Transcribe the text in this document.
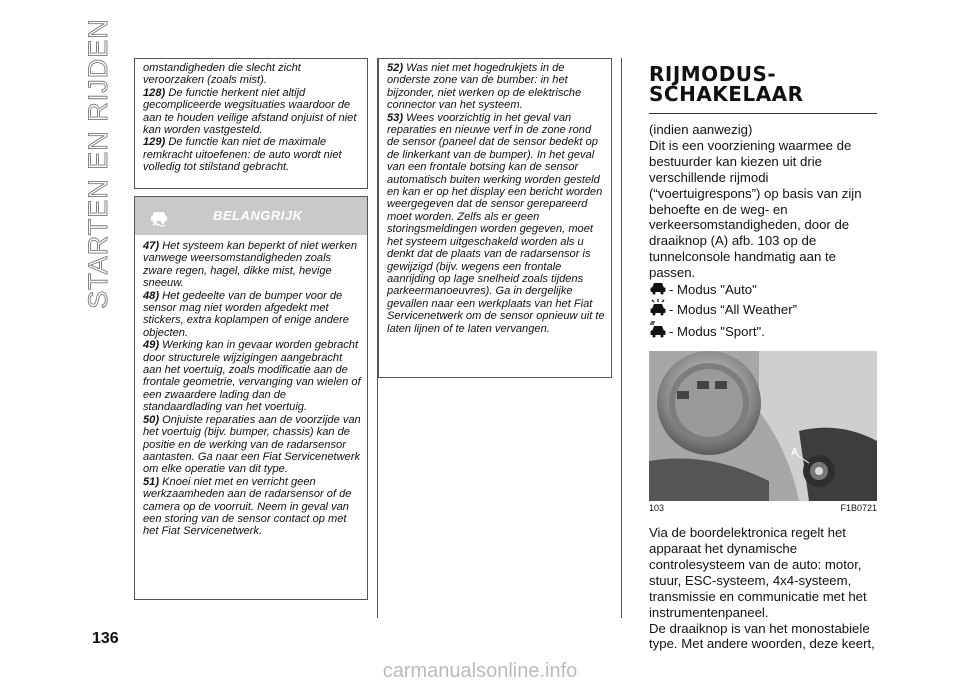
STARTEN EN RIJDEN	omstandigheden die slecht zicht veroorzaken (zoals mist).

128) De functie herkent niet altijd gecompliceerde wegsituaties waardoor de aan te houden veilige afstand onjuist of niet kan worden vastgesteld.

129) De functie kan niet de maximale remkracht uitoefenen: de auto wordt niet volledig tot stilstand gebracht.

BELANGRIJK

47) Het systeem kan beperkt of niet werken vanwege weersomstandigheden zoals zware regen, hagel, dikke mist, hevige sneeuw.

48) Het gedeelte van de bumper voor de sensor mag niet worden afgedekt met stickers, extra koplampen of enige andere objecten.

49) Werking kan in gevaar worden gebracht door structurele wijzigingen aangebracht aan het voertuig, zoals modificatie aan de frontale geometrie, vervanging van wielen of een zwaardere lading dan de standaardlading van het voertuig.

50) Onjuiste reparaties aan de voorzijde van het voertuig (bijv. bumper, chassis) kan de positie en de werking van de radarsensor aantasten. Ga naar een Fiat Servicenetwerk om elke operatie van dit type.

51) Knoei niet met en verricht geen werkzaamheden aan de radarsensor of de camera op de voorruit. Neem in geval van een storing van de sensor contact op met het Fiat Servicenetwerk.

52) Was niet met hogedrukjets in de onderste zone van de bumber: in het bijzonder, niet werken op de elektrische connector van het systeem.

53) Wees voorzichtig in het geval van reparaties en nieuwe verf in de zone rond de sensor (paneel dat de sensor bedekt op de linkerkant van de bumper). In het geval van een frontale botsing kan de sensor automatisch buiten werking worden gesteld en kan er op het display een bericht worden weergegeven dat de sensor gerepareerd moet worden. Zelfs als er geen storingsmeldingen worden gegeven, moet het systeem uitgeschakeld worden als u denkt dat de plaats van de radarsensor is gewijzigd (bijv. wegens een frontale aanrijding op lage snelheid zoals tijdens parkeermanoeuvres). Ga in dergelijke gevallen naar een werkplaats van het Fiat Servicenetwerk om de sensor opnieuw uit te laten lijnen of te laten vervangen.

RIJMODUS-
SCHAKELAAR

(indien aanwezig)
Dit is een voorziening waarmee de bestuurder kan kiezen uit drie verschillende rijmodi (“voertuigrespons”) op basis van zijn behoefte en de weg- en verkeersomstandigheden, door de draaiknop (A) afb. 103 op de tunnelconsole handmatig aan te passen.

- Modus "Auto"
- Modus “All Weather”
- Modus "Sport".
A
103	F1B0721

Via de boordelektronica regelt het apparaat het dynamische controlesysteem van de auto: motor, stuur, ESC-systeem, 4x4-systeem, transmissie en communicatie met het instrumentenpaneel.
De draaiknop is van het monostabiele type. Met andere woorden, deze keert,

136
carmanualsonline.info
